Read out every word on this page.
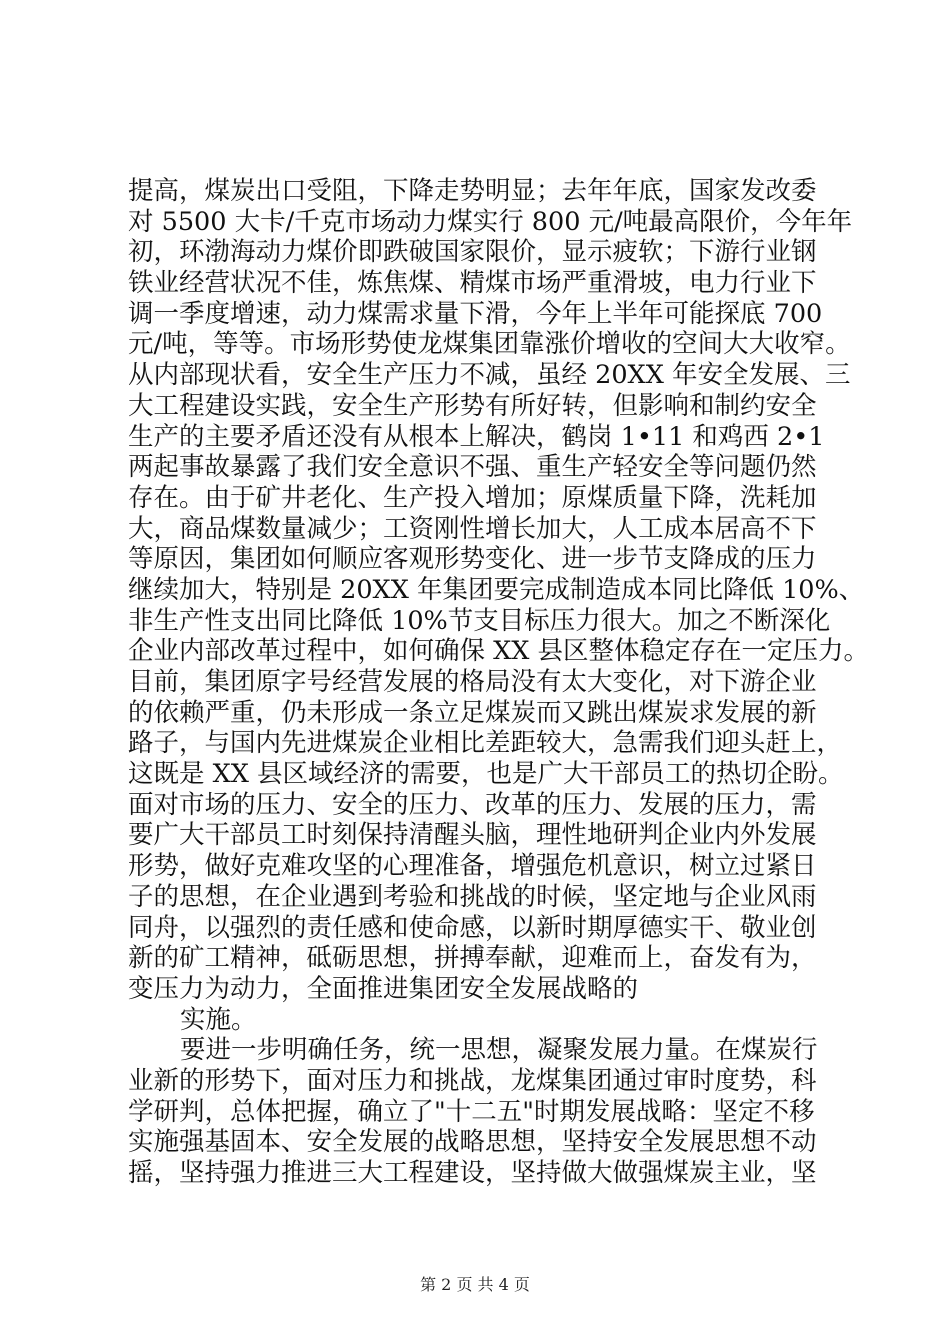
提高，煤炭出口受阻，下降走势明显；去年年底，国家发改委
对 5500 大卡/千克市场动力煤实行 800 元/吨最高限价，今年年
初，环渤海动力煤价即跌破国家限价，显示疲软；下游行业钢
铁业经营状况不佳，炼焦煤、精煤市场严重滑坡，电力行业下
调一季度增速，动力煤需求量下滑，今年上半年可能探底 700
元/吨，等等。市场形势使龙煤集团靠涨价增收的空间大大收窄。
从内部现状看，安全生产压力不减，虽经 20XX 年安全发展、三
大工程建设实践，安全生产形势有所好转，但影响和制约安全
生产的主要矛盾还没有从根本上解决，鹤岗 1•11 和鸡西 2•1
两起事故暴露了我们安全意识不强、重生产轻安全等问题仍然
存在。由于矿井老化、生产投入增加；原煤质量下降，洗耗加
大，商品煤数量减少；工资刚性增长加大，人工成本居高不下
等原因，集团如何顺应客观形势变化、进一步节支降成的压力
继续加大，特别是 20XX 年集团要完成制造成本同比降低 10%、
非生产性支出同比降低 10%节支目标压力很大。加之不断深化
企业内部改革过程中，如何确保 XX 县区整体稳定存在一定压力。
目前，集团原字号经营发展的格局没有太大变化，对下游企业
的依赖严重，仍未形成一条立足煤炭而又跳出煤炭求发展的新
路子，与国内先进煤炭企业相比差距较大，急需我们迎头赶上，
这既是 XX 县区域经济的需要，也是广大干部员工的热切企盼。
面对市场的压力、安全的压力、改革的压力、发展的压力，需
要广大干部员工时刻保持清醒头脑，理性地研判企业内外发展
形势，做好克难攻坚的心理准备，增强危机意识，树立过紧日
子的思想，在企业遇到考验和挑战的时候，坚定地与企业风雨
同舟，以强烈的责任感和使命感，以新时期厚德实干、敬业创
新的矿工精神，砥砺思想，拼搏奉献，迎难而上，奋发有为，
变压力为动力，全面推进集团安全发展战略的
实施。
要进一步明确任务，统一思想，凝聚发展力量。在煤炭行
业新的形势下，面对压力和挑战，龙煤集团通过审时度势，科
学研判，总体把握，确立了"十二五"时期发展战略：坚定不移
实施强基固本、安全发展的战略思想，坚持安全发展思想不动
摇，坚持强力推进三大工程建设，坚持做大做强煤炭主业，坚
第 2 页 共 4 页
